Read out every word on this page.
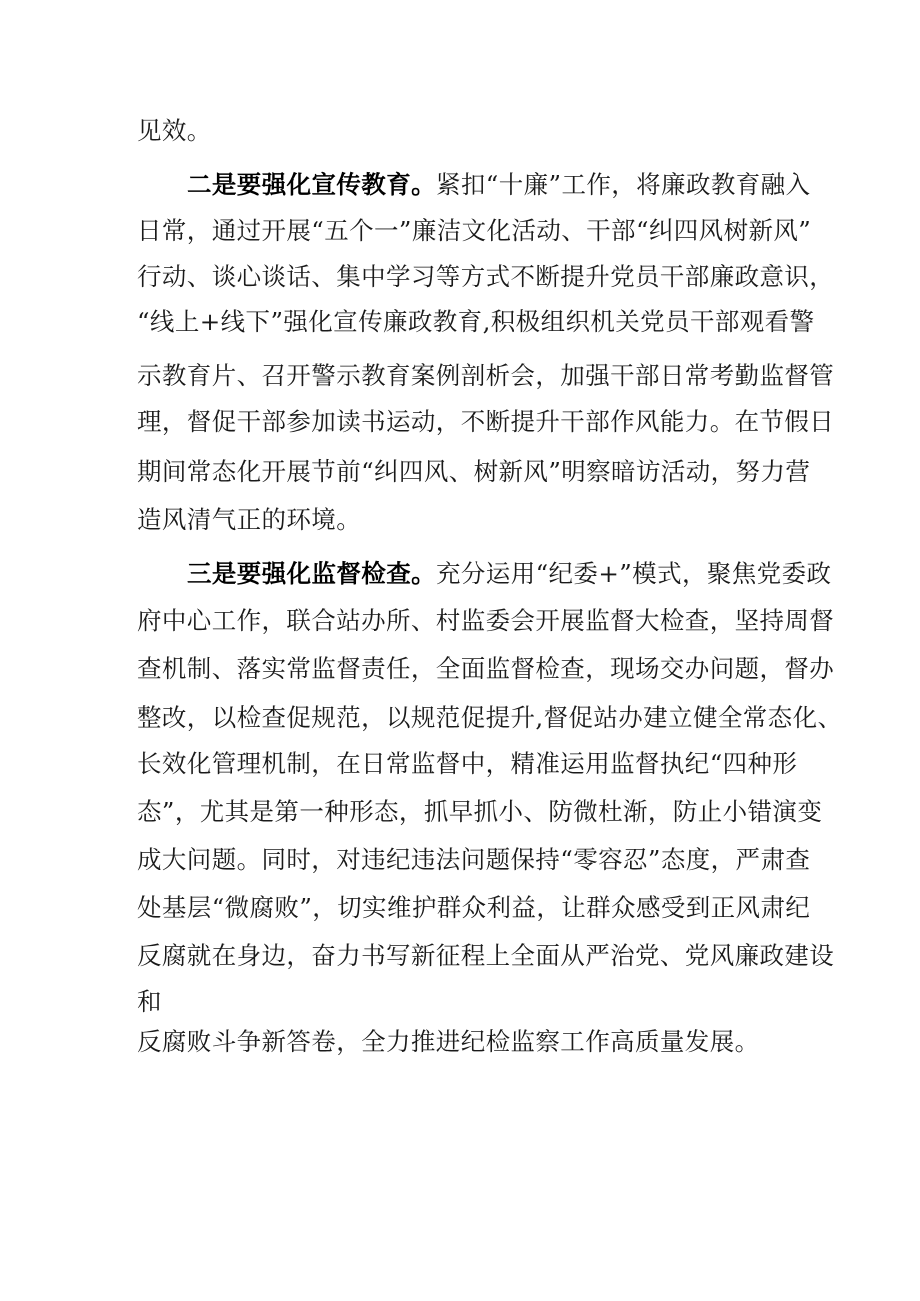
见效。
二是要强化宣传教育。紧扣“十廉”工作，将廉政教育融入
日常，通过开展“五个一”廉洁文化活动、干部“纠四风树新风”
行动、谈心谈话、集中学习等方式不断提升党员干部廉政意识，
“线上+线下”强化宣传廉政教育,积极组织机关党员干部观看警
示教育片、召开警示教育案例剖析会，加强干部日常考勤监督管
理，督促干部参加读书运动，不断提升干部作风能力。在节假日
期间常态化开展节前“纠四风、树新风”明察暗访活动，努力营
造风清气正的环境。
三是要强化监督检查。充分运用“纪委+”模式，聚焦党委政
府中心工作，联合站办所、村监委会开展监督大检查，坚持周督
查机制、落实常监督责任，全面监督检查，现场交办问题，督办
整改，以检查促规范，以规范促提升,督促站办建立健全常态化、
长效化管理机制，在日常监督中，精准运用监督执纪“四种形
态”，尤其是第一种形态，抓早抓小、防微杜渐，防止小错演变
成大问题。同时，对违纪违法问题保持“零容忍”态度，严肃查
处基层“微腐败”，切实维护群众利益，让群众感受到正风肃纪
反腐就在身边，奋力书写新征程上全面从严治党、党风廉政建设
和
反腐败斗争新答卷，全力推进纪检监察工作高质量发展。
